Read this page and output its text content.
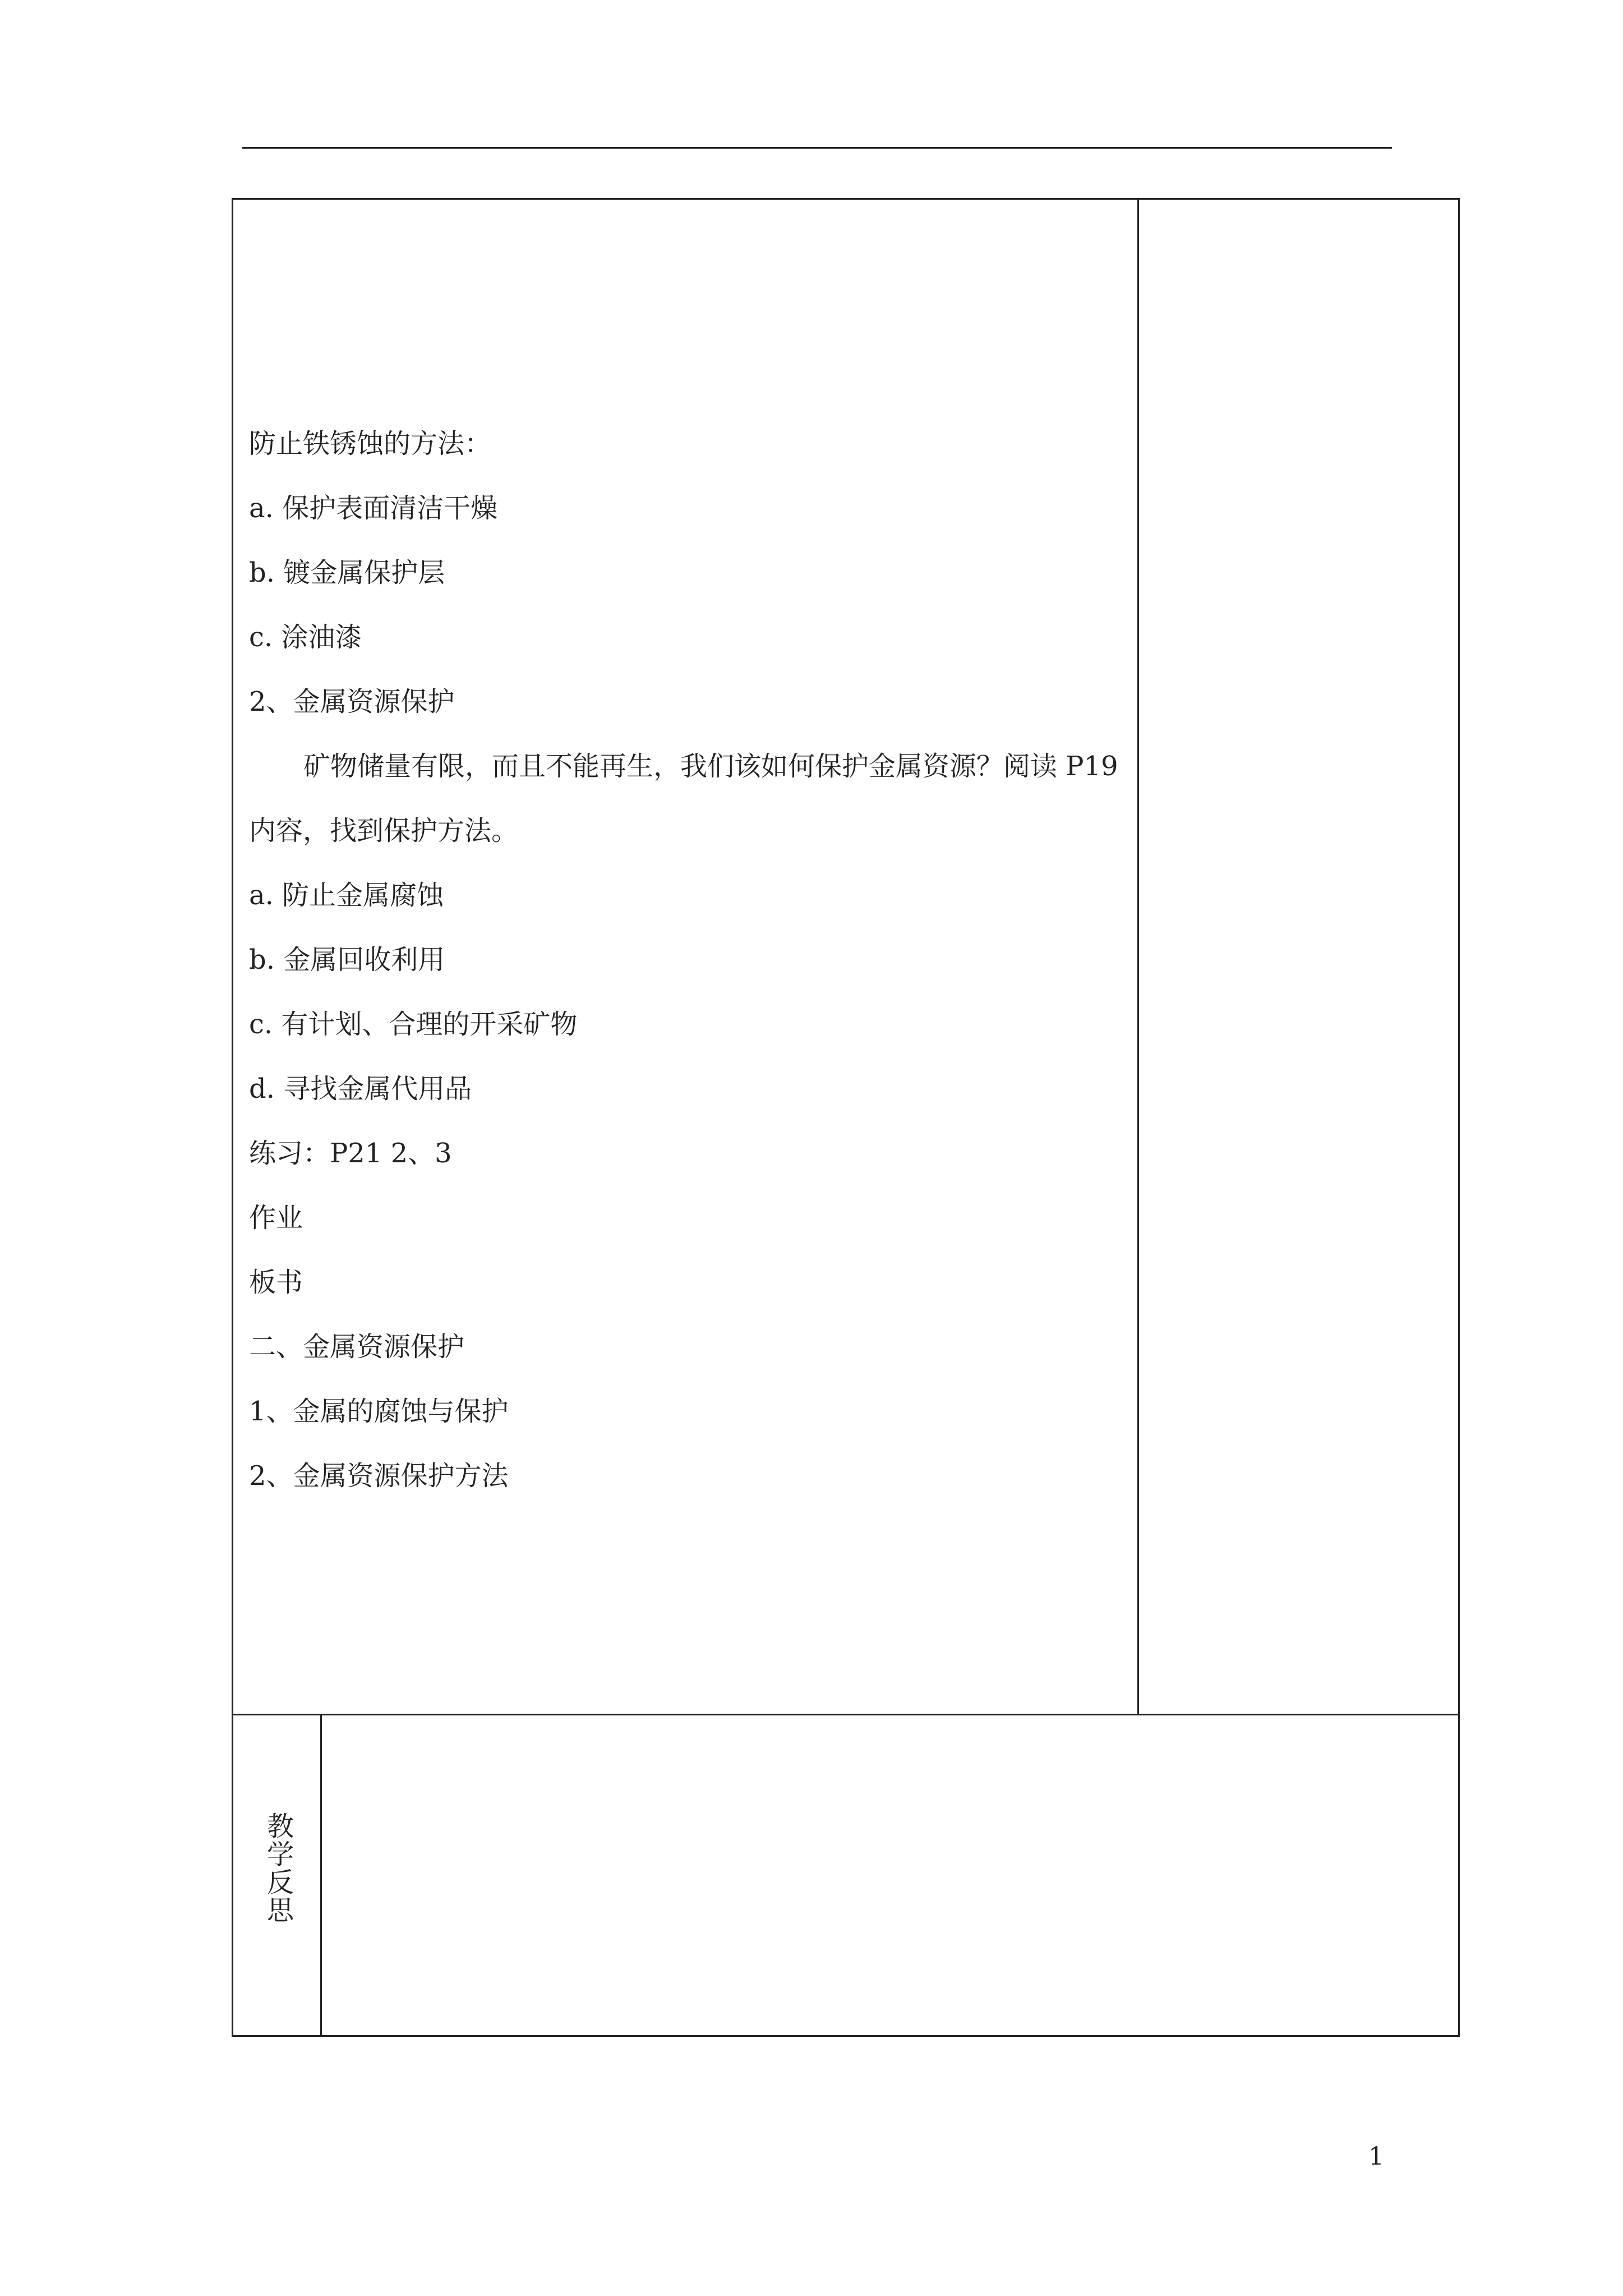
防止铁锈蚀的方法：
a. 保护表面清洁干燥
b. 镀金属保护层
c. 涂油漆
2、金属资源保护
矿物储量有限，而且不能再生，我们该如何保护金属资源？阅读 P19
内容，找到保护方法。
a. 防止金属腐蚀
b. 金属回收利用
c. 有计划、合理的开采矿物
d. 寻找金属代用品
练习：P21 2、3
作业
板书
二、金属资源保护
1、金属的腐蚀与保护
2、金属资源保护方法
教学反思
1
